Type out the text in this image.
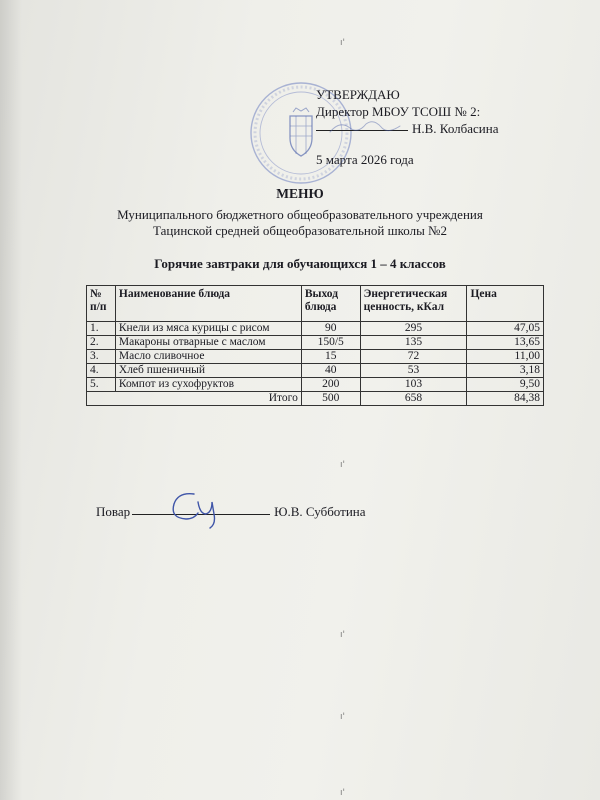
УТВЕРЖДАЮ
Директор МБОУ ТСОШ № 2:
Н.В. Колбасина
5 марта 2026 года
МЕНЮ
Муниципального бюджетного общеобразовательного учреждения
Тацинской средней общеобразовательной школы №2
Горячие завтраки для обучающихся 1 – 4 классов
№ п/п	Наименование блюда	Выход блюда	Энергетическая ценность, кКал	Цена
1.	Кнели из мяса курицы с рисом	90	295	47,05
2.	Макароны отварные с маслом	150/5	135	13,65
3.	Масло сливочное	15	72	11,00
4.	Хлеб пшеничный	40	53	3,18
5.	Компот из сухофруктов	200	103	9,50
Итого		500	658	84,38
Повар	Ю.В. Субботина
ı'
ı'
ı'
ı'
ı'
